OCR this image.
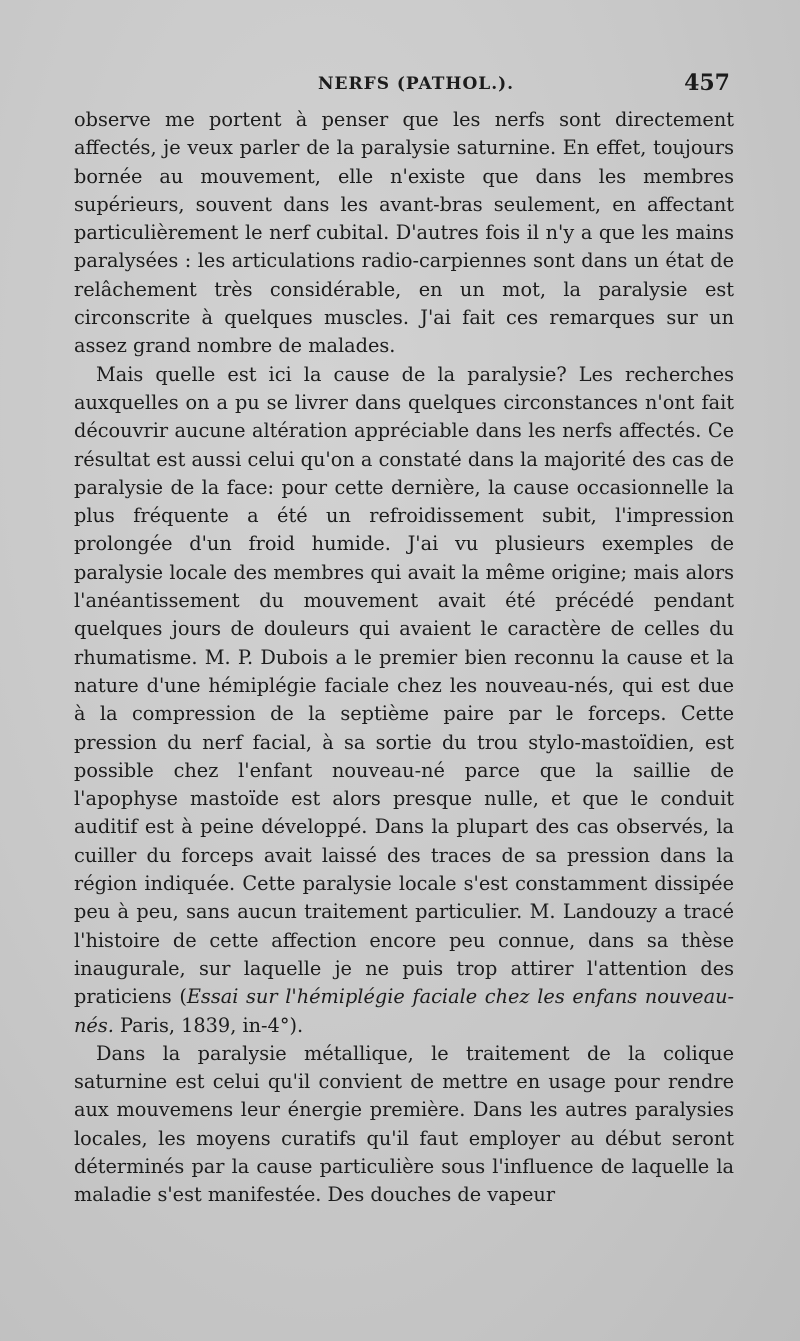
NERFS (PATHOL.).	457

observe me portent à penser que les nerfs sont directement affectés, je veux parler de la paralysie saturnine. En effet, toujours bornée au mouvement, elle n'existe que dans les membres supérieurs, souvent dans les avant-bras seulement, en affectant particulièrement le nerf cubital. D'autres fois il n'y a que les mains paralysées : les articulations radio-carpiennes sont dans un état de relâchement très considérable, en un mot, la paralysie est circonscrite à quelques muscles. J'ai fait ces remarques sur un assez grand nombre de malades.

Mais quelle est ici la cause de la paralysie? Les recherches auxquelles on a pu se livrer dans quelques circonstances n'ont fait découvrir aucune altération appréciable dans les nerfs affectés. Ce résultat est aussi celui qu'on a constaté dans la majorité des cas de paralysie de la face: pour cette dernière, la cause occasionnelle la plus fréquente a été un refroidissement subit, l'impression prolongée d'un froid humide. J'ai vu plusieurs exemples de paralysie locale des membres qui avait la même origine; mais alors l'anéantissement du mouvement avait été précédé pendant quelques jours de douleurs qui avaient le caractère de celles du rhumatisme. M. P. Dubois a le premier bien reconnu la cause et la nature d'une hémiplégie faciale chez les nouveau-nés, qui est due à la compression de la septième paire par le forceps. Cette pression du nerf facial, à sa sortie du trou stylo-mastoïdien, est possible chez l'enfant nouveau-né parce que la saillie de l'apophyse mastoïde est alors presque nulle, et que le conduit auditif est à peine développé. Dans la plupart des cas observés, la cuiller du forceps avait laissé des traces de sa pression dans la région indiquée. Cette paralysie locale s'est constamment dissipée peu à peu, sans aucun traitement particulier. M. Landouzy a tracé l'histoire de cette affection encore peu connue, dans sa thèse inaugurale, sur laquelle je ne puis trop attirer l'attention des praticiens (Essai sur l'hémiplégie faciale chez les enfans nouveau-nés. Paris, 1839, in-4°).

Dans la paralysie métallique, le traitement de la colique saturnine est celui qu'il convient de mettre en usage pour rendre aux mouvemens leur énergie première. Dans les autres paralysies locales, les moyens curatifs qu'il faut employer au début seront déterminés par la cause particulière sous l'influence de laquelle la maladie s'est manifestée. Des douches de vapeur
